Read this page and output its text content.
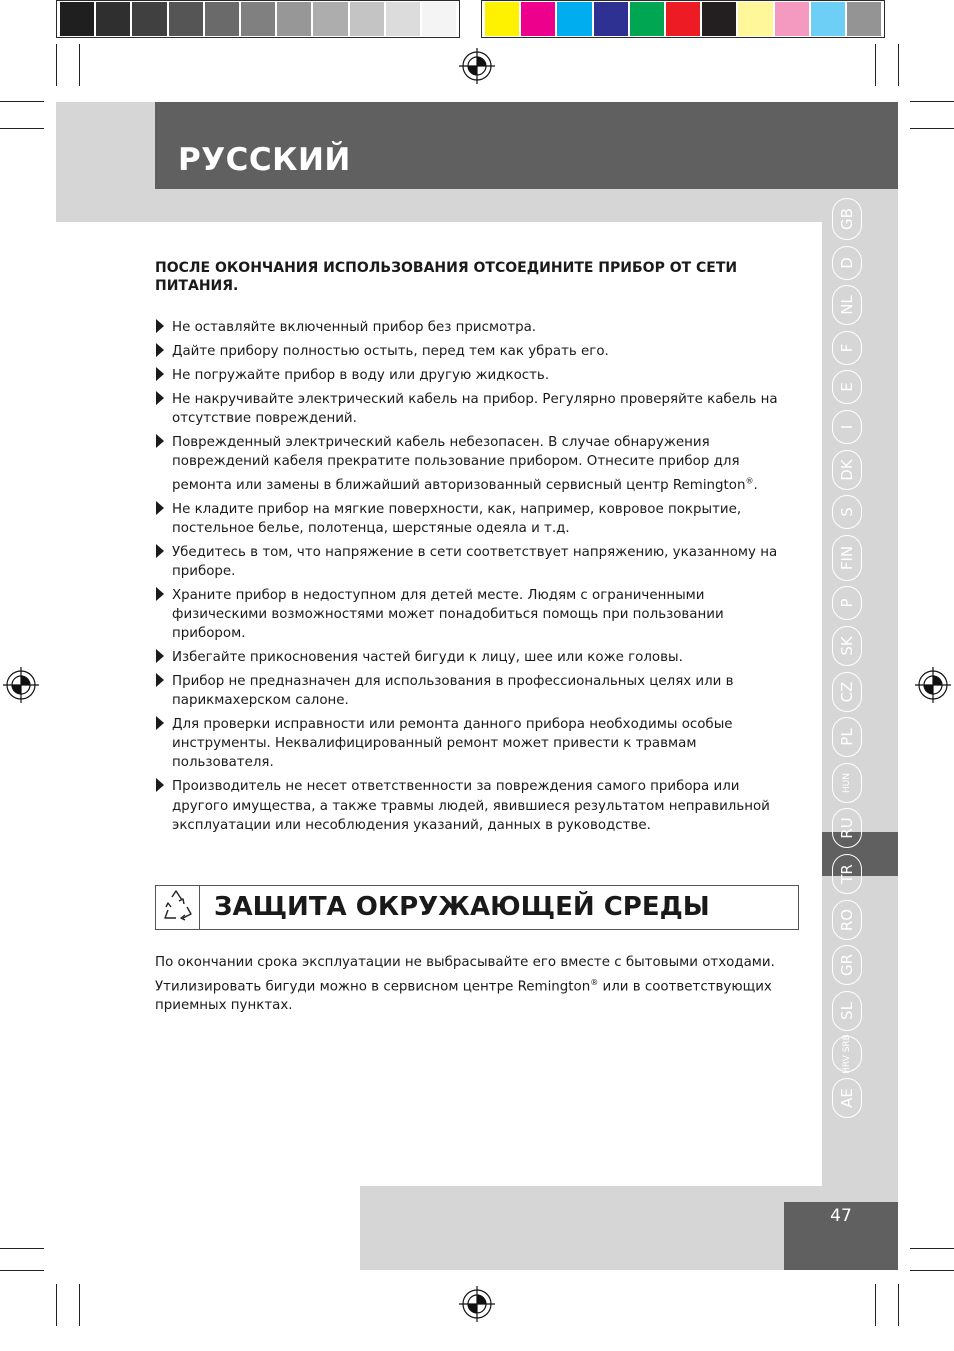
РУССКИЙ
GB
D
NL
F
E
I
DK
S
FIN
P
SK
CZ
PL
HUN
RU
TR
RO
GR
SL
HRV SRB
AE
47
ПОСЛЕ ОКОНЧАНИЯ ИСПОЛЬЗОВАНИЯ ОТСОЕДИНИТЕ ПРИБОР ОТ СЕТИ ПИТАНИЯ.
Не оставляйте включенный прибор без присмотра.
Дайте прибору полностью остыть, перед тем как убрать его.
Не погружайте прибор в воду или другую жидкость.
Не накручивайте электрический кабель на прибор. Регулярно проверяйте кабель на отсутствие повреждений.
Поврежденный электрический кабель небезопасен. В случае обнаружения повреждений кабеля прекратите пользование прибором. Отнесите прибор для ремонта или замены в ближайший авторизованный сервисный центр Remington®.
Не кладите прибор на мягкие поверхности, как, например, ковровое покрытие, постельное белье, полотенца, шерстяные одеяла и т.д.
Убедитесь в том, что напряжение в сети соответствует напряжению, указанному на приборе.
Храните прибор в недоступном для детей месте. Людям с ограниченными физическими возможностями может понадобиться помощь при пользовании прибором.
Избегайте прикосновения частей бигуди к лицу, шее или коже головы.
Прибор не предназначен для использования в профессиональных целях или в парикмахерском салоне.
Для проверки исправности или ремонта данного прибора необходимы особые инструменты. Неквалифицированный ремонт может привести к травмам пользователя.
Производитель не несет ответственности за повреждения самого прибора или другого имущества, а также травмы людей, явившиеся результатом неправильной эксплуатации или несоблюдения указаний, данных в руководстве.
ЗАЩИТА ОКРУЖАЮЩЕЙ СРЕДЫ
По окончании срока эксплуатации не выбрасывайте его вместе с бытовыми отходами. Утилизировать бигуди можно в сервисном центре Remington® или в соответствующих приемных пунктах.
